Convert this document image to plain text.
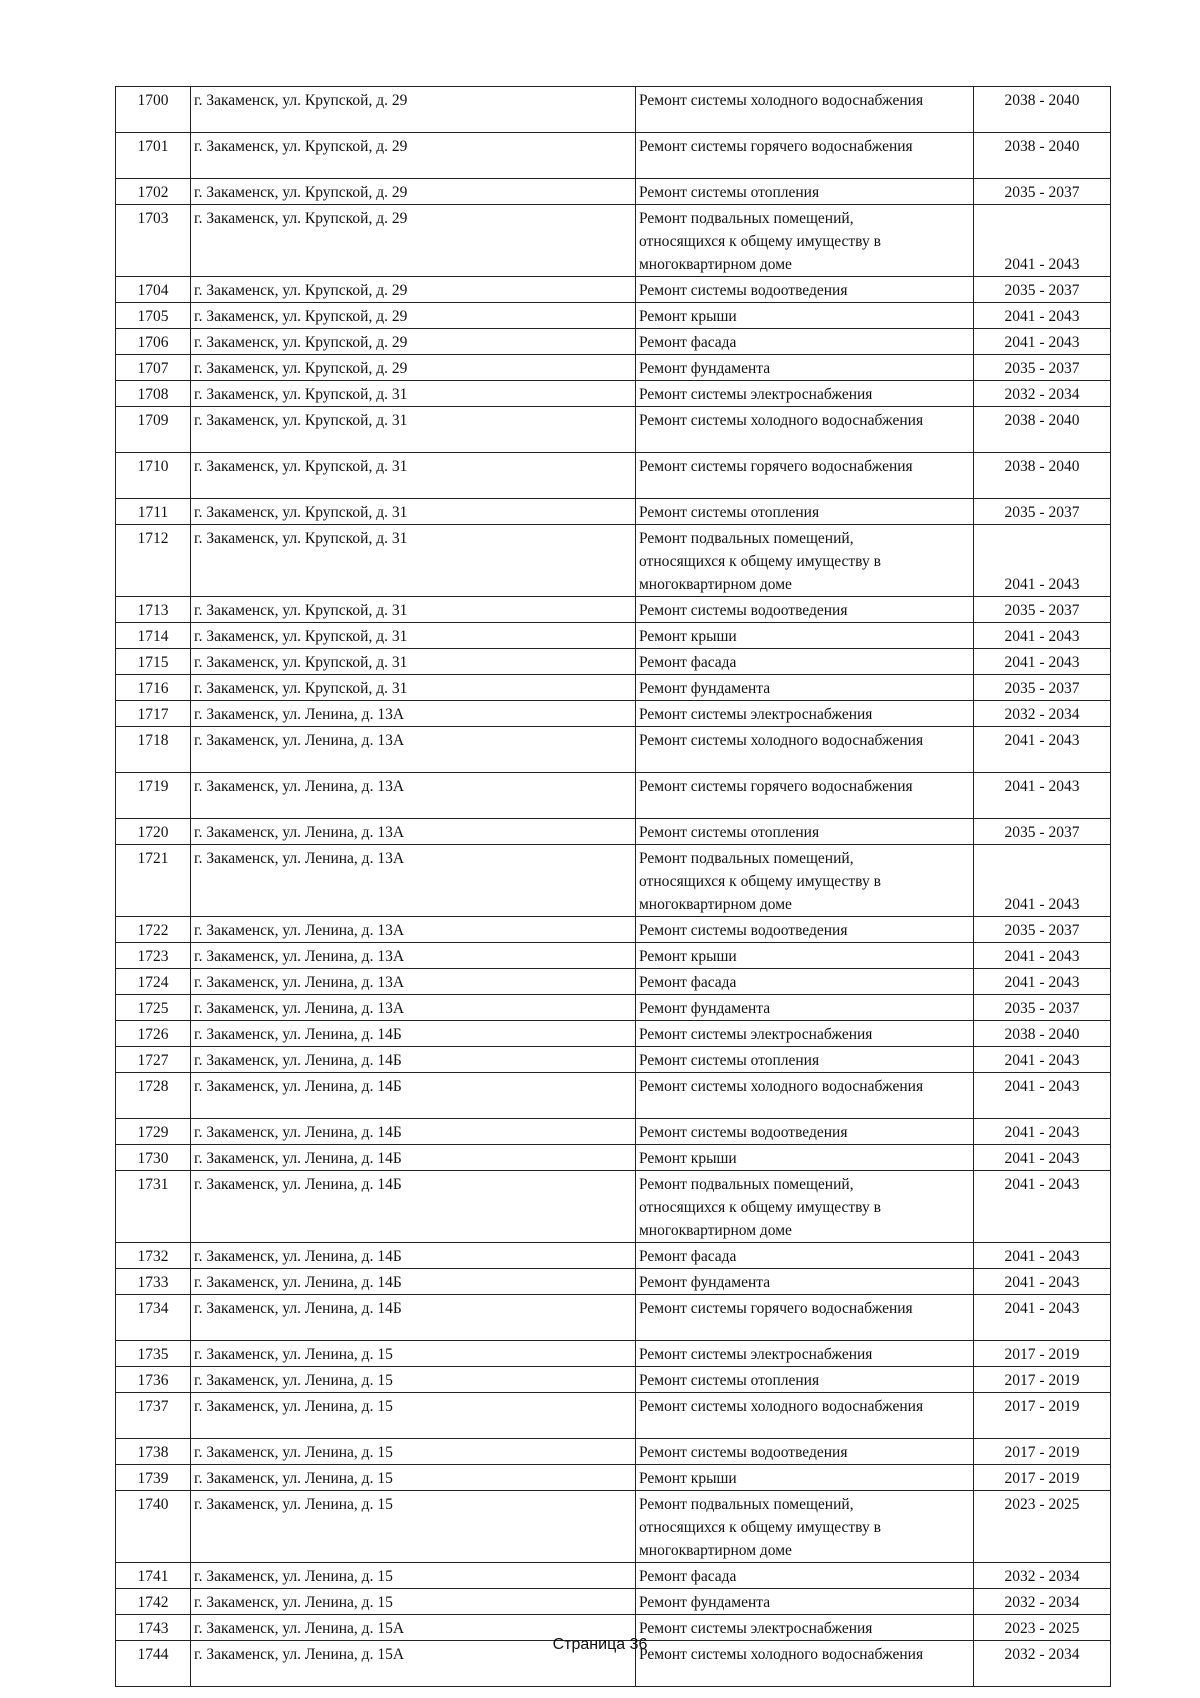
1700	г. Закаменск, ул. Крупской, д. 29	Ремонт системы холодного водоснабжения	2038 - 2040
1701	г. Закаменск, ул. Крупской, д. 29	Ремонт системы горячего водоснабжения	2038 - 2040
1702	г. Закаменск, ул. Крупской, д. 29	Ремонт системы отопления	2035 - 2037
1703	г. Закаменск, ул. Крупской, д. 29	Ремонт подвальных помещений,
относящихся к общему имуществу в
многоквартирном доме	2041 - 2043
1704	г. Закаменск, ул. Крупской, д. 29	Ремонт системы водоотведения	2035 - 2037
1705	г. Закаменск, ул. Крупской, д. 29	Ремонт крыши	2041 - 2043
1706	г. Закаменск, ул. Крупской, д. 29	Ремонт фасада	2041 - 2043
1707	г. Закаменск, ул. Крупской, д. 29	Ремонт фундамента	2035 - 2037
1708	г. Закаменск, ул. Крупской, д. 31	Ремонт системы электроснабжения	2032 - 2034
1709	г. Закаменск, ул. Крупской, д. 31	Ремонт системы холодного водоснабжения	2038 - 2040
1710	г. Закаменск, ул. Крупской, д. 31	Ремонт системы горячего водоснабжения	2038 - 2040
1711	г. Закаменск, ул. Крупской, д. 31	Ремонт системы отопления	2035 - 2037
1712	г. Закаменск, ул. Крупской, д. 31	Ремонт подвальных помещений,
относящихся к общему имуществу в
многоквартирном доме	2041 - 2043
1713	г. Закаменск, ул. Крупской, д. 31	Ремонт системы водоотведения	2035 - 2037
1714	г. Закаменск, ул. Крупской, д. 31	Ремонт крыши	2041 - 2043
1715	г. Закаменск, ул. Крупской, д. 31	Ремонт фасада	2041 - 2043
1716	г. Закаменск, ул. Крупской, д. 31	Ремонт фундамента	2035 - 2037
1717	г. Закаменск, ул. Ленина, д. 13А	Ремонт системы электроснабжения	2032 - 2034
1718	г. Закаменск, ул. Ленина, д. 13А	Ремонт системы холодного водоснабжения	2041 - 2043
1719	г. Закаменск, ул. Ленина, д. 13А	Ремонт системы горячего водоснабжения	2041 - 2043
1720	г. Закаменск, ул. Ленина, д. 13А	Ремонт системы отопления	2035 - 2037
1721	г. Закаменск, ул. Ленина, д. 13А	Ремонт подвальных помещений,
относящихся к общему имуществу в
многоквартирном доме	2041 - 2043
1722	г. Закаменск, ул. Ленина, д. 13А	Ремонт системы водоотведения	2035 - 2037
1723	г. Закаменск, ул. Ленина, д. 13А	Ремонт крыши	2041 - 2043
1724	г. Закаменск, ул. Ленина, д. 13А	Ремонт фасада	2041 - 2043
1725	г. Закаменск, ул. Ленина, д. 13А	Ремонт фундамента	2035 - 2037
1726	г. Закаменск, ул. Ленина, д. 14Б	Ремонт системы электроснабжения	2038 - 2040
1727	г. Закаменск, ул. Ленина, д. 14Б	Ремонт системы отопления	2041 - 2043
1728	г. Закаменск, ул. Ленина, д. 14Б	Ремонт системы холодного водоснабжения	2041 - 2043
1729	г. Закаменск, ул. Ленина, д. 14Б	Ремонт системы водоотведения	2041 - 2043
1730	г. Закаменск, ул. Ленина, д. 14Б	Ремонт крыши	2041 - 2043
1731	г. Закаменск, ул. Ленина, д. 14Б	Ремонт подвальных помещений,
относящихся к общему имуществу в
многоквартирном доме	2041 - 2043
1732	г. Закаменск, ул. Ленина, д. 14Б	Ремонт фасада	2041 - 2043
1733	г. Закаменск, ул. Ленина, д. 14Б	Ремонт фундамента	2041 - 2043
1734	г. Закаменск, ул. Ленина, д. 14Б	Ремонт системы горячего водоснабжения	2041 - 2043
1735	г. Закаменск, ул. Ленина, д. 15	Ремонт системы электроснабжения	2017 - 2019
1736	г. Закаменск, ул. Ленина, д. 15	Ремонт системы отопления	2017 - 2019
1737	г. Закаменск, ул. Ленина, д. 15	Ремонт системы холодного водоснабжения	2017 - 2019
1738	г. Закаменск, ул. Ленина, д. 15	Ремонт системы водоотведения	2017 - 2019
1739	г. Закаменск, ул. Ленина, д. 15	Ремонт крыши	2017 - 2019
1740	г. Закаменск, ул. Ленина, д. 15	Ремонт подвальных помещений,
относящихся к общему имуществу в
многоквартирном доме	2023 - 2025
1741	г. Закаменск, ул. Ленина, д. 15	Ремонт фасада	2032 - 2034
1742	г. Закаменск, ул. Ленина, д. 15	Ремонт фундамента	2032 - 2034
1743	г. Закаменск, ул. Ленина, д. 15А	Ремонт системы электроснабжения	2023 - 2025
1744	г. Закаменск, ул. Ленина, д. 15А	Ремонт системы холодного водоснабжения	2032 - 2034
Страница 36
